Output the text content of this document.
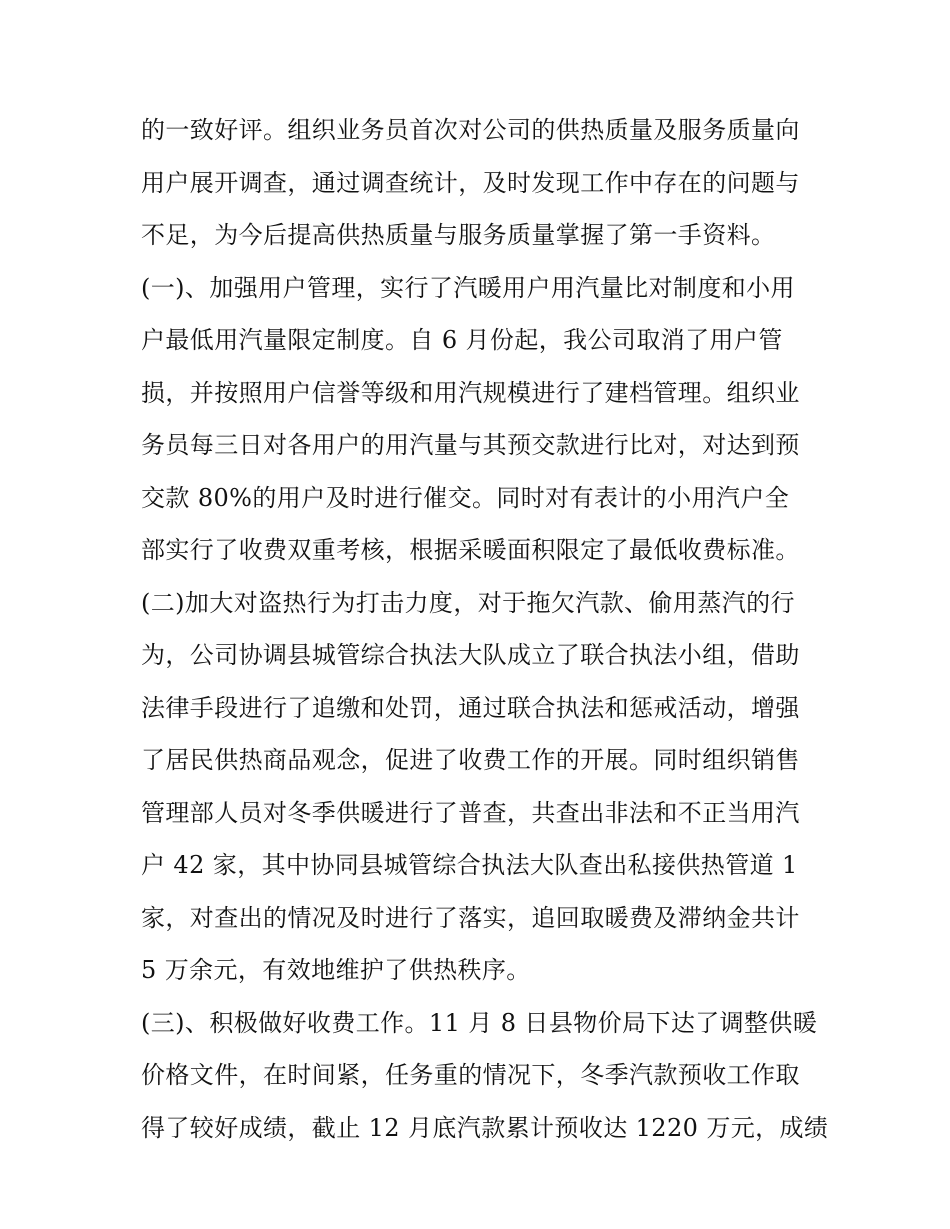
的一致好评。组织业务员首次对公司的供热质量及服务质量向
用户展开调查，通过调查统计，及时发现工作中存在的问题与
不足，为今后提高供热质量与服务质量掌握了第一手资料。
(一)、加强用户管理，实行了汽暖用户用汽量比对制度和小用
户最低用汽量限定制度。自 6 月份起，我公司取消了用户管
损，并按照用户信誉等级和用汽规模进行了建档管理。组织业
务员每三日对各用户的用汽量与其预交款进行比对，对达到预
交款 80%的用户及时进行催交。同时对有表计的小用汽户全
部实行了收费双重考核，根据采暖面积限定了最低收费标准。
(二)加大对盗热行为打击力度，对于拖欠汽款、偷用蒸汽的行
为，公司协调县城管综合执法大队成立了联合执法小组，借助
法律手段进行了追缴和处罚，通过联合执法和惩戒活动，增强
了居民供热商品观念，促进了收费工作的开展。同时组织销售
管理部人员对冬季供暖进行了普查，共查出非法和不正当用汽
户 42 家，其中协同县城管综合执法大队查出私接供热管道 1
家，对查出的情况及时进行了落实，追回取暖费及滞纳金共计
5 万余元，有效地维护了供热秩序。
(三)、积极做好收费工作。11 月 8 日县物价局下达了调整供暖
价格文件，在时间紧，任务重的情况下，冬季汽款预收工作取
得了较好成绩，截止 12 月底汽款累计预收达 1220 万元，成绩
